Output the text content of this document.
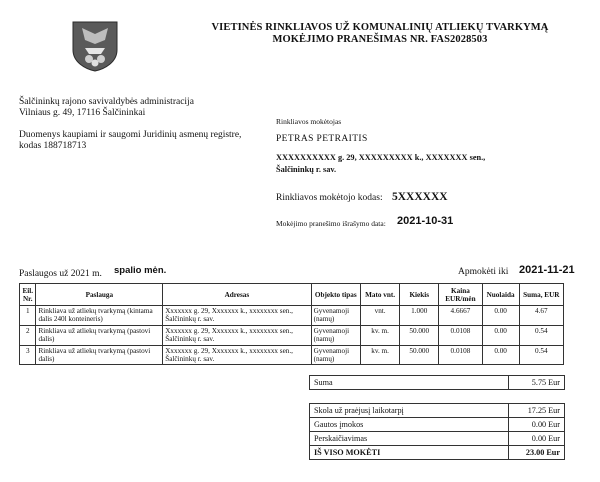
VIETINĖS RINKLIAVOS UŽ KOMUNALINIŲ ATLIEKŲ TVARKYMĄ
MOKĖJIMO PRANEŠIMAS NR. FAS2028503
Šalčininkų rajono savivaldybės administracija
Vilniaus g. 49, 17116 Šalčininkai
Duomenys kaupiami ir saugomi Juridinių asmenų registre,
kodas 188718713
Rinkliavos mokėtojas
PETRAS PETRAITIS
XXXXXXXXXX g. 29, XXXXXXXXX k., XXXXXXX sen.,
Šalčininkų r. sav.
Rinkliavos mokėtojo kodas: 5XXXXXX
Mokėjimo pranešimo išrašymo data: 2021-10-31
Paslaugos už 2021 m. spalio mėn.	Apmokėti iki 2021-11-21
Eil. Nr.	Paslauga	Adresas	Objekto tipas	Mato vnt.	Kiekis	Kaina EUR/mėn	Nuolaida	Suma, EUR
1	Rinkliava už atliekų tvarkymą (kintama dalis 240l konteineris)	Xxxxxxx g. 29, Xxxxxxx k., xxxxxxxx sen., Šalčininkų r. sav.	Gyvenamoji (namų)	vnt.	1.000	4.6667	0.00	4.67
2	Rinkliava už atliekų tvarkymą (pastovi dalis)	Xxxxxxx g. 29, Xxxxxxx k., xxxxxxxx sen., Šalčininkų r. sav.	Gyvenamoji (namų)	kv. m.	50.000	0.0108	0.00	0.54
3	Rinkliava už atliekų tvarkymą (pastovi dalis)	Xxxxxxx g. 29, Xxxxxxx k., xxxxxxxx sen., Šalčininkų r. sav.	Gyvenamoji (namų)	kv. m.	50.000	0.0108	0.00	0.54
Suma	5.75 Eur
Skola už praėjusį laikotarpį	17.25 Eur
Gautos įmokos	0.00 Eur
Perskaičiavimas	0.00 Eur
IŠ VISO MOKĖTI	23.00 Eur
